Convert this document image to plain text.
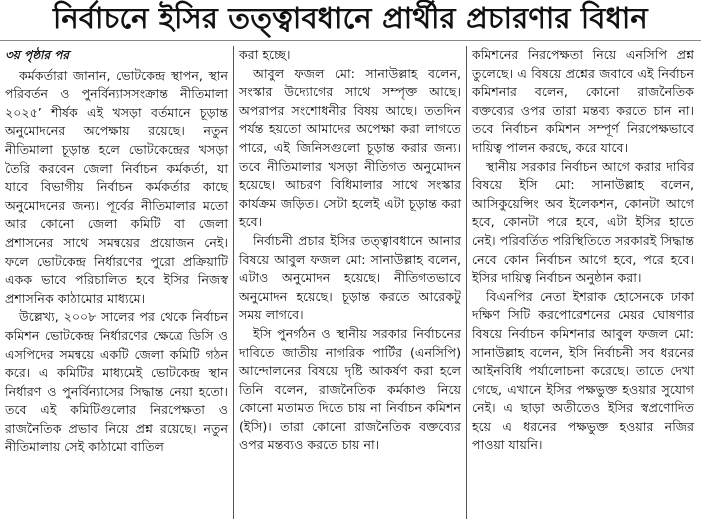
নির্বাচনে ইসির তত্ত্বাবধানে প্রার্থীর প্রচারণার বিধান
৩য় পৃষ্ঠার পর

কর্মকর্তারা জানান, ভোটকেন্দ্র স্থাপন, স্থান পরিবর্তন ও পুনর্বিন্যাসসংক্রান্ত নীতিমালা ২০২৫’ শীর্ষক এই খসড়া বর্তমানে চূড়ান্ত অনুমোদনের অপেক্ষায় রয়েছে। নতুন নীতিমালা চূড়ান্ত হলে ভোটকেন্দ্রের খসড়া তৈরি করবেন জেলা নির্বাচন কর্মকর্তা, যা যাবে বিভাগীয় নির্বাচন কর্মকর্তার কাছে অনুমোদনের জন্য। পূর্বের নীতিমালার মতো আর কোনো জেলা কমিটি বা জেলা প্রশাসনের সাথে সমন্বয়ের প্রয়োজন নেই। ফলে ভোটকেন্দ্র নির্ধারণের পুরো প্রক্রিয়াটি একক ভাবে পরিচালিত হবে ইসির নিজস্ব প্রশাসনিক কাঠামোর মাধ্যমে।

উল্লেখ্য, ২০০৮ সালের পর থেকে নির্বাচন কমিশন ভোটকেন্দ্র নির্ধারণের ক্ষেত্রে ডিসি ও এসপিদের সমন্বয়ে একটি জেলা কমিটি গঠন করে। এ কমিটির মাধ্যমেই ভোটকেন্দ্র স্থান নির্ধারণ ও পুনর্বিন্যাসের সিদ্ধান্ত নেয়া হতো। তবে এই কমিটিগুলোর নিরপেক্ষতা ও রাজনৈতিক প্রভাব নিয়ে প্রশ্ন রয়েছে। নতুন নীতিমালায় সেই কাঠামো বাতিল

করা হচ্ছে।

আবুল ফজল মো: সানাউল্লাহ বলেন, সংস্কার উদ্যোগের সাথে সম্পৃক্ত আছে। অপরাপর সংশোধনীর বিষয় আছে। ততদিন পর্যন্ত হয়তো আমাদের অপেক্ষা করা লাগতে পারে, এই জিনিসগুলো চূড়ান্ত করার জন্য। তবে নীতিমালার খসড়া নীতিগত অনুমোদন হয়েছে। আচরণ বিধিমালার সাথে সংস্কার কার্যক্রম জড়িত। সেটা হলেই এটা চূড়ান্ত করা হবে।

নির্বাচনী প্রচার ইসির তত্ত্বাবধানে আনার বিষয়ে আবুল ফজল মো: সানাউল্লাহ বলেন, এটাও অনুমোদন হয়েছে। নীতিগতভাবে অনুমোদন হয়েছে। চূড়ান্ত করতে আরেকটু সময় লাগবে।

ইসি পুনর্গঠন ও স্থানীয় সরকার নির্বাচনের দাবিতে জাতীয় নাগরিক পার্টির (এনসিপি) আন্দোলনের বিষয়ে দৃষ্টি আকর্ষণ করা হলে তিনি বলেন, রাজনৈতিক কর্মকাণ্ড নিয়ে কোনো মতামত দিতে চায় না নির্বাচন কমিশন (ইসি)। তারা কোনো রাজনৈতিক বক্তব্যের ওপর মন্তব্যও করতে চায় না।

কমিশনের নিরপেক্ষতা নিয়ে এনসিপি প্রশ্ন তুলেছে। এ বিষয়ে প্রশ্নের জবাবে এই নির্বাচন কমিশনার বলেন, কোনো রাজনৈতিক বক্তব্যের ওপর তারা মন্তব্য করতে চান না। তবে নির্বাচন কমিশন সম্পূর্ণ নিরপেক্ষভাবে দায়িত্ব পালন করছে, করে যাবে।

স্থানীয় সরকার নির্বাচন আগে করার দাবির বিষয়ে ইসি মো: সানাউল্লাহ বলেন, আসিকুয়েন্সিং অব ইলেকশন, কোনটা আগে হবে, কোনটা পরে হবে, এটা ইসির হাতে নেই। পরিবর্তিত পরিস্থিতিতে সরকারই সিদ্ধান্ত নেবে কোন নির্বাচন আগে হবে, পরে হবে। ইসির দায়িত্ব নির্বাচন অনুষ্ঠান করা।

বিএনপির নেতা ইশরাক হোসেনকে ঢাকা দক্ষিণ সিটি করপোরেশনের মেয়র ঘোষণার বিষয়ে নির্বাচন কমিশনার আবুল ফজল মো: সানাউল্লাহ বলেন, ইসি নির্বাচনী সব ধরনের আইনবিধি পর্যালোচনা করেছে। তাতে দেখা গেছে, এখানে ইসির পক্ষভুক্ত হওয়ার সুযোগ নেই। এ ছাড়া অতীতেও ইসির স্বপ্রণোদিত হয়ে এ ধরনের পক্ষভুক্ত হওয়ার নজির পাওয়া যায়নি।
